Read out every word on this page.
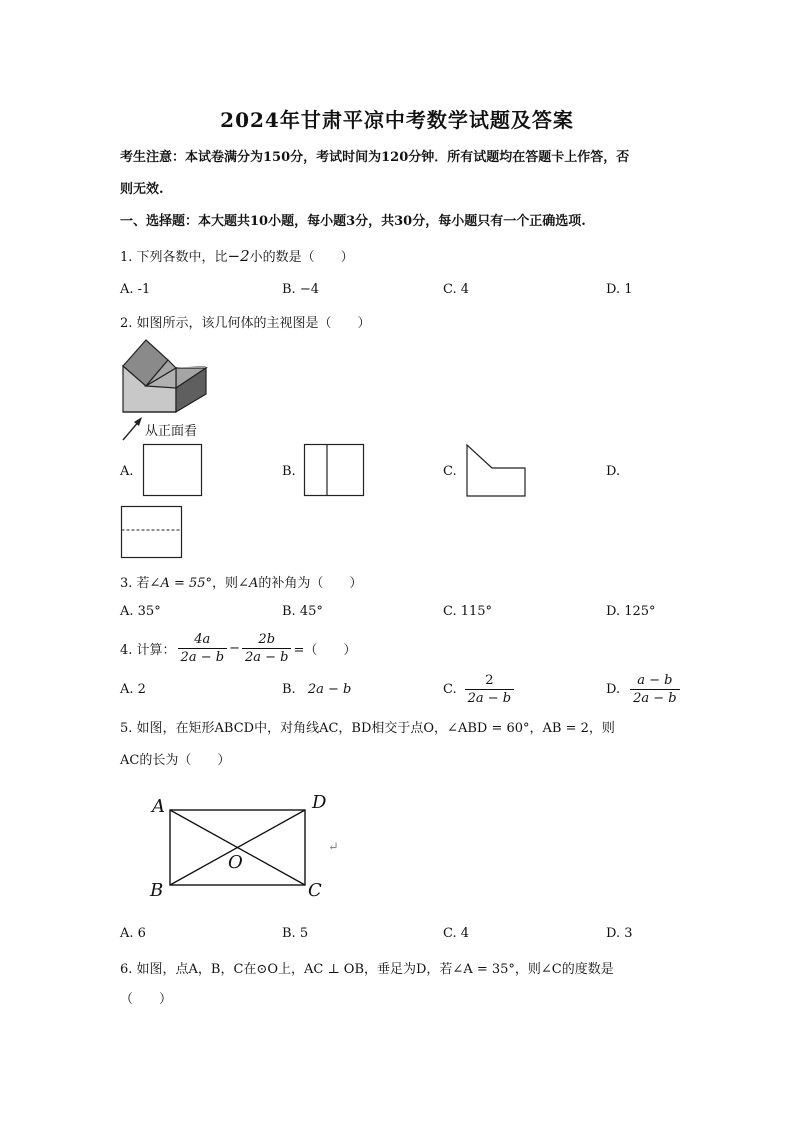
2024年甘肃平凉中考数学试题及答案
考生注意：本试卷满分为150分，考试时间为120分钟．所有试题均在答题卡上作答，否
则无效.
一、选择题：本大题共10小题，每小题3分，共30分，每小题只有一个正确选项.
1. 下列各数中，比−2小的数是（　　）
A. -1	B. −4	C. 4	D. 1
2. 如图所示，该几何体的主视图是（　　）
从正面看
A.	B.	C.	D.
3. 若∠A = 55°，则∠A的补角为（　　）
A. 35°	B. 45°	C. 115°	D. 125°
4. 计算： $\frac{4a}{2a - b} - \frac{2b}{2a - b}$ =（　　）
A. 2	B. 2a − b	C. $\frac{2}{2a - b}$	D. $\frac{a - b}{2a - b}$
5. 如图，在矩形ABCD中，对角线AC，BD相交于点O，∠ABD = 60°，AB = 2，则
AC的长为（　　）
A	D
B	C
O
↵
A. 6	B. 5	C. 4	D. 3
6. 如图，点A，B，C在⊙O上，AC ⊥ OB，垂足为D，若∠A = 35°，则∠C的度数是
（　　）
